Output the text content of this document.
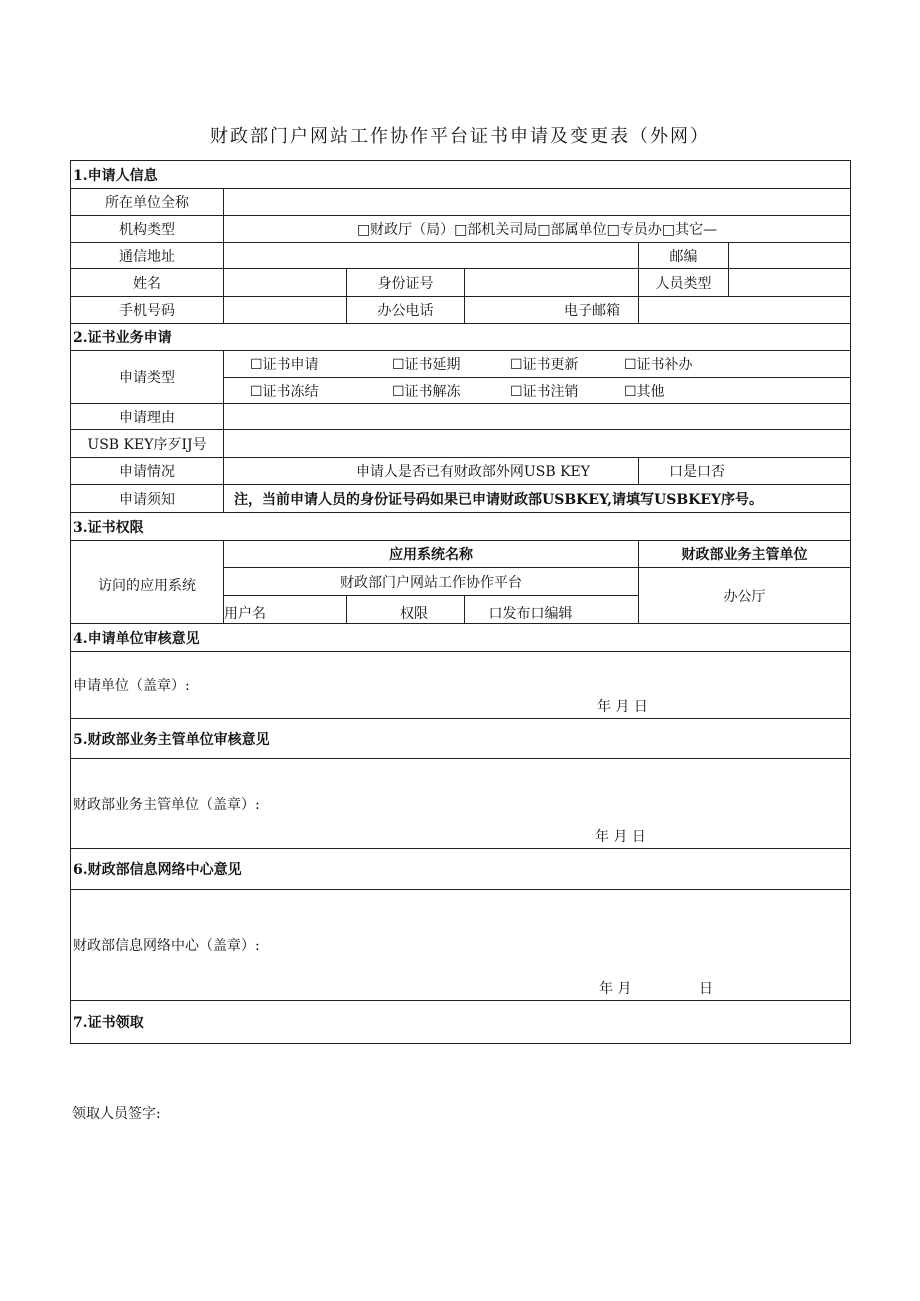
财政部门户网站工作协作平台证书申请及变更表（外网）
1.申请人信息					
所在单位全称					
机构类型	□财政厅（局）□部机关司局□部属单位□专员办□其它—				
通信地址				邮编	
姓名		身份证号		人员类型	
手机号码		办公电话	电子邮箱		
2.证书业务申请					
申请类型	☐证书申请 ☐证书延期 ☐证书更新 ☐证书补办				
	☐证书冻结 ☐证书解冻 ☐证书注销 ☐其他				
申请理由					
USB KEY序歹IJ号					
申请情况	申请人是否已有财政部外网USB KEY			口是口否	
申请须知	注，当前申请人员的身份证号码如果已申请财政部USBKEY,请填写USBKEY序号。				
3.证书权限					
访问的应用系统	应用系统名称			财政部业务主管单位	
	财政部门户网站工作协作平台			办公厅	
	用户名	权限	口发布口编辑		
4.申请单位审核意见					
申请单位（盖章）:
年 月 日					

5.财政部业务主管单位审核意见					
财政部业务主管单位（盖章）:
年 月 日					

6.财政部信息网络中心意见					
财政部信息网络中心（盖章）:
年 月 日					

7.证书领取					
领取人员签字:
